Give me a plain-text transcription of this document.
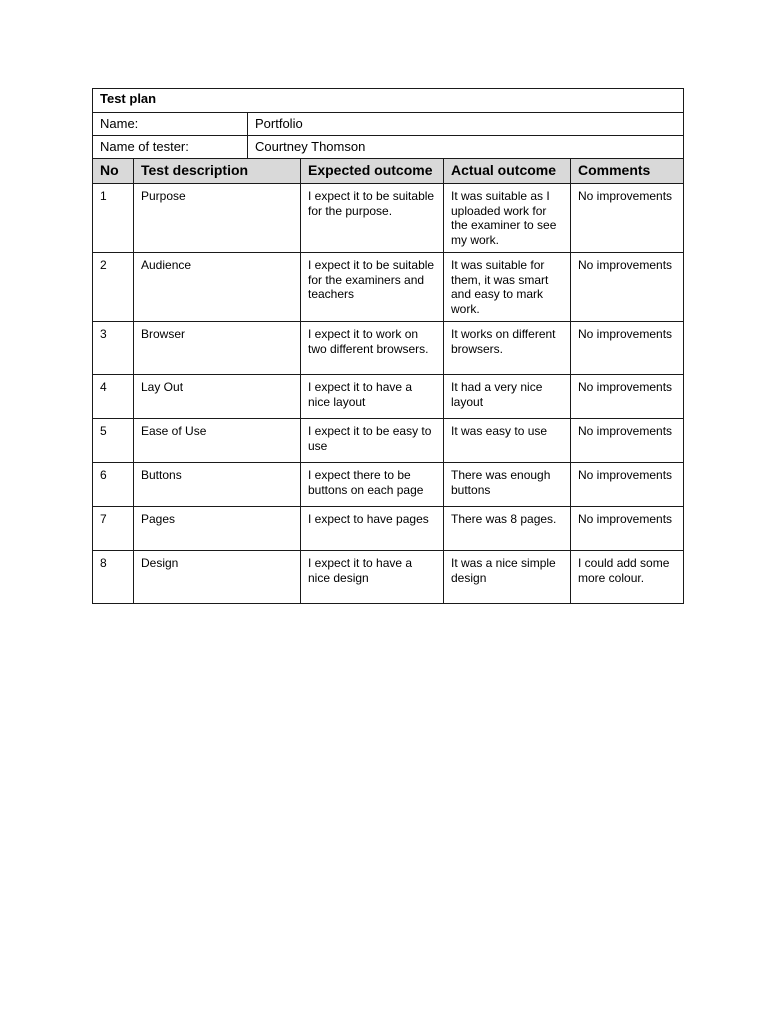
Test plan					
Name:		Portfolio			
Name of tester:		Courtney Thomson			
No	Test description		Expected outcome	Actual outcome	Comments
1	Purpose		I expect it to be suitable for the purpose.	It was suitable as I uploaded work for the examiner to see my work.	No improvements
2	Audience		I expect it to be suitable for the examiners and teachers	It was suitable for them, it was smart and easy to mark work.	No improvements
3	Browser		I expect it to work on two different browsers.	It works on different browsers.	No improvements
4	Lay Out		I expect it to have a nice layout	It had a very nice layout	No improvements
5	Ease of Use		I expect it to be easy to use	It was easy to use	No improvements
6	Buttons		I expect there to be buttons on each page	There was enough buttons	No improvements
7	Pages		I expect to have pages	There was 8 pages.	No improvements
8	Design		I expect it to have a nice design	It was a nice simple design	I could add some more colour.
